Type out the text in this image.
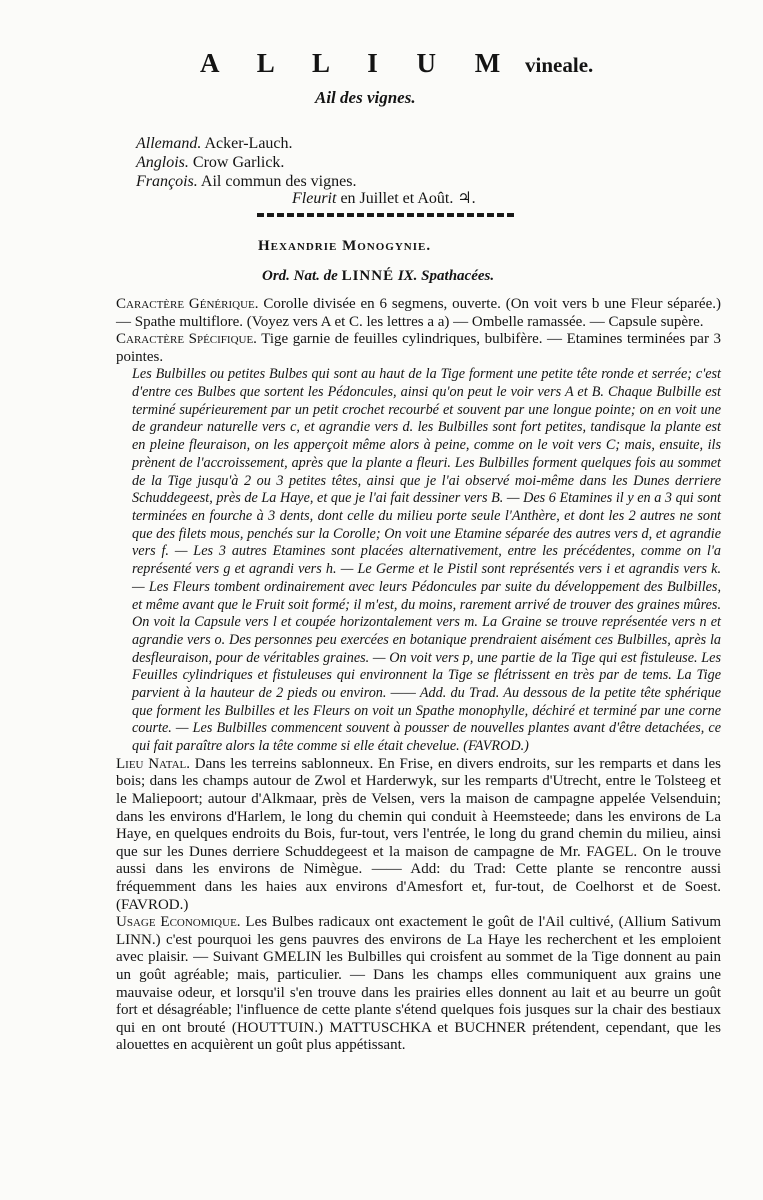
A L L I U M vineale.
Ail des vignes.
Allemand. Acker-Lauch.
Anglois. Crow Garlick.
François. Ail commun des vignes.
Fleurit en Juillet et Août. ♃.
Hexandrie Monogynie.
Ord. Nat. de LINNÉ IX. Spathacées.

Caractère Générique. Corolle divisée en 6 segmens, ouverte. (On voit vers b une Fleur séparée.) — Spathe multiflore. (Voyez vers A et C. les lettres a a) — Ombelle ramassée. — Capsule supère.

Caractère Spécifique. Tige garnie de feuilles cylindriques, bulbifère. — Etamines terminées par 3 pointes.

Les Bulbilles ou petites Bulbes qui sont au haut de la Tige forment une petite tête ronde et serrée; c'est d'entre ces Bulbes que sortent les Pédoncules, ainsi qu'on peut le voir vers A et B. Chaque Bulbille est terminé supérieurement par un petit crochet recourbé et souvent par une longue pointe; on en voit une de grandeur naturelle vers c, et agrandie vers d. les Bulbilles sont fort petites, tandisque la plante est en pleine fleuraison, on les apperçoit même alors à peine, comme on le voit vers C; mais, ensuite, ils prènent de l'accroissement, après que la plante a fleuri. Les Bulbilles forment quelques fois au sommet de la Tige jusqu'à 2 ou 3 petites têtes, ainsi que je l'ai observé moi-même dans les Dunes derriere Schuddegeest, près de La Haye, et que je l'ai fait dessiner vers B. — Des 6 Etamines il y en a 3 qui sont terminées en fourche à 3 dents, dont celle du milieu porte seule l'Anthère, et dont les 2 autres ne sont que des filets mous, penchés sur la Corolle; On voit une Etamine séparée des autres vers d, et agrandie vers f. — Les 3 autres Etamines sont placées alternativement, entre les précédentes, comme on l'a représenté vers g et agrandi vers h. — Le Germe et le Pistil sont représentés vers i et agrandis vers k. — Les Fleurs tombent ordinairement avec leurs Pédoncules par suite du développement des Bulbilles, et même avant que le Fruit soit formé; il m'est, du moins, rarement arrivé de trouver des graines mûres. On voit la Capsule vers l et coupée horizontalement vers m. La Graine se trouve représentée vers n et agrandie vers o. Des personnes peu exercées en botanique prendraient aisément ces Bulbilles, après la desfleuraison, pour de véritables graines. — On voit vers p, une partie de la Tige qui est fistuleuse. Les Feuilles cylindriques et fistuleuses qui environnent la Tige se flétrissent en très par de tems. La Tige parvient à la hauteur de 2 pieds ou environ. —— Add. du Trad. Au dessous de la petite tête sphérique que forment les Bulbilles et les Fleurs on voit un Spathe monophylle, déchiré et terminé par une corne courte. — Les Bulbilles commencent souvent à pousser de nouvelles plantes avant d'être detachées, ce qui fait paraître alors la tête comme si elle était chevelue. (FAVROD.)

Lieu Natal. Dans les terreins sablonneux. En Frise, en divers endroits, sur les remparts et dans les bois; dans les champs autour de Zwol et Harderwyk, sur les remparts d'Utrecht, entre le Tolsteeg et le Maliepoort; autour d'Alkmaar, près de Velsen, vers la maison de campagne appelée Velsenduin; dans les environs d'Harlem, le long du chemin qui conduit à Heemsteede; dans les environs de La Haye, en quelques endroits du Bois, fur-tout, vers l'entrée, le long du grand chemin du milieu, ainsi que sur les Dunes derriere Schuddegeest et la maison de campagne de Mr. FAGEL. On le trouve aussi dans les environs de Nimègue. —— Add: du Trad: Cette plante se rencontre aussi fréquemment dans les haies aux environs d'Amesfort et, fur-tout, de Coelhorst et de Soest. (FAVROD.)

Usage Economique. Les Bulbes radicaux ont exactement le goût de l'Ail cultivé, (Allium Sativum LINN.) c'est pourquoi les gens pauvres des environs de La Haye les recherchent et les emploient avec plaisir. — Suivant GMELIN les Bulbilles qui croisfent au sommet de la Tige donnent au pain un goût agréable; mais, particulier. — Dans les champs elles communiquent aux grains une mauvaise odeur, et lorsqu'il s'en trouve dans les prairies elles donnent au lait et au beurre un goût fort et désagréable; l'influence de cette plante s'étend quelques fois jusques sur la chair des bestiaux qui en ont brouté (HOUTTUIN.) MATTUSCHKA et BUCHNER prétendent, cependant, que les alouettes en acquièrent un goût plus appétissant.
